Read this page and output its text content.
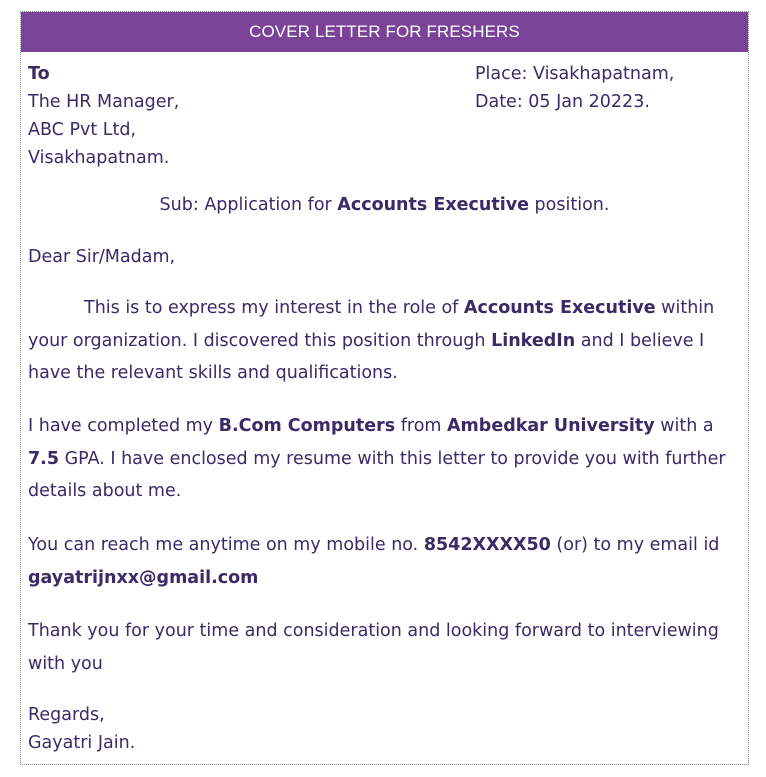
COVER LETTER FOR FRESHERS
To
The HR Manager,
ABC Pvt Ltd,
Visakhapatnam.
Place: Visakhapatnam,
Date: 05 Jan 20223.
Sub: Application for Accounts Executive position.
Dear Sir/Madam,
This is to express my interest in the role of Accounts Executive within your organization. I discovered this position through LinkedIn and I believe I have the relevant skills and qualifications.
I have completed my B.Com Computers from Ambedkar University with a 7.5 GPA. I have enclosed my resume with this letter to provide you with further details about me.
You can reach me anytime on my mobile no. 8542XXXX50 (or) to my email id gayatrijnxx@gmail.com
Thank you for your time and consideration and looking forward to interviewing with you
Regards,
Gayatri Jain.
